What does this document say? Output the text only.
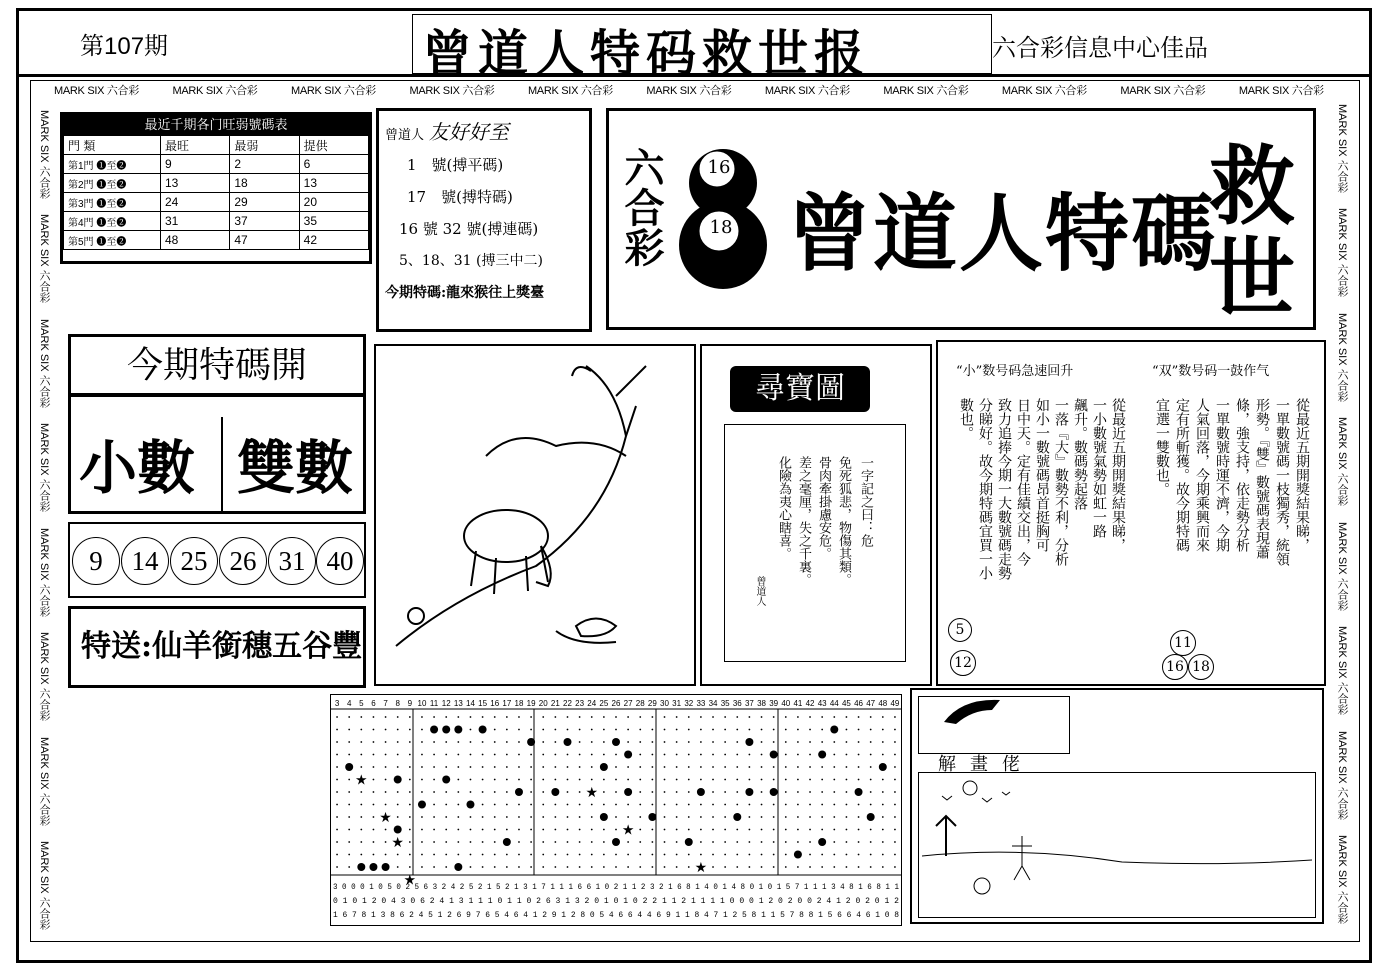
第107期	曾道人特码救世报	六合彩信息中心佳品
MARK SIX 六合彩	MARK SIX 六合彩	MARK SIX 六合彩	MARK SIX 六合彩	MARK SIX 六合彩	MARK SIX 六合彩	MARK SIX 六合彩	MARK SIX 六合彩	MARK SIX 六合彩	MARK SIX 六合彩	MARK SIX 六合彩
MARK SIX 六合彩
MARK SIX 六合彩
MARK SIX 六合彩
MARK SIX 六合彩
MARK SIX 六合彩
MARK SIX 六合彩
MARK SIX 六合彩
MARK SIX 六合彩
MARK SIX 六合彩
MARK SIX 六合彩
MARK SIX 六合彩
MARK SIX 六合彩
MARK SIX 六合彩
MARK SIX 六合彩
MARK SIX 六合彩
MARK SIX 六合彩
最近千期各门旺弱號碼表
門 類	最旺	最弱	提供
第1門 ❶至❷	9	2	6
第2門 ❶至❷	13	18	13
第3門 ❶至❷	24	29	20
第4門 ❶至❷	31	37	35
第5門 ❶至❷	48	47	42
曾道人 友好好至
1　號(搏平碼)
17　號(搏特碼)
16 號 32 號(搏連碼)
5、18、31 (搏三中二)
今期特碼:龍來猴往上獎臺
六合彩 16
18 曾道人特碼
救
世
今期特碼開
小數 雙數
9	14 25 26 31 40
特送:仙羊銜穗五谷豐
尋寶圖
一字記之曰：危
免死狐悲，物傷其類。
骨肉牽掛慮安危。
差之毫厘，失之千裏。
化險為夷心瞎喜。
曾道人
“小”数号码急速回升	“双”数号码一鼓作气
從最近五期開獎結果睇，
一小數號氣勢如虹一路
飆升。數碼勢起落
一落『大』數勢不利，分析
如小一數號碼昂首挺胸可
日中天。定有佳績交出，今
致力追捧今期一大數號碼走勢
分睇好。故今期特碼宜買一小
數也。	從最近五期開獎結果睇，
一單數號碼一枝獨秀，統領
形勢。『雙』數號碼表現蕭
條，強支持，依走勢分析
一單數號時運不濟，今期
人氣回落，今期乘興而來
定有所斬獲。故今期特碼
宜選一雙數也。
5
12
11
16 18
3 4 5 6 7 8 9 10 11 12 13 14 15 16 17 18 19 20 21 22 23 24 25 26 27 28 29 30 31 32 33 34 35 36 37 38 39 40 41 42 43 44 45 46 47 48 49
★
★
★
★
★
★
★
3 0 0 0 1 0 5 0 2 5 6 3 2 4 2 5 2 1 5 2 1 3 1 7 1 1 1 6 6 1 0 2 1 1 2 3 2 1 6 8 1 4 0 1 4 8 0 1 0 1 5 7 1 1 1 3 4 8 1 6 8 1 1
0 1 0 1 2 0 4 3 0 6 2 4 1 3 1 1 1 0 1 1 0 2 6 3 1 3 2 0 1 0 1 0 2 2 1 1 2 1 1 1 1 0 0 0 1 2 0 2 0 0 2 4 1 2 0 2 0 1 2
1 6 7 8 1 3 8 6 2 4 5 1 2 6 9 7 6 5 4 6 4 1 2 9 1 2 8 0 5 4 6 6 4 4 6 9 1 1 8 4 7 1 2 5 8 1 1 5 7 8 8 1 5 6 6 4 6 1 0 8
解畫佬
